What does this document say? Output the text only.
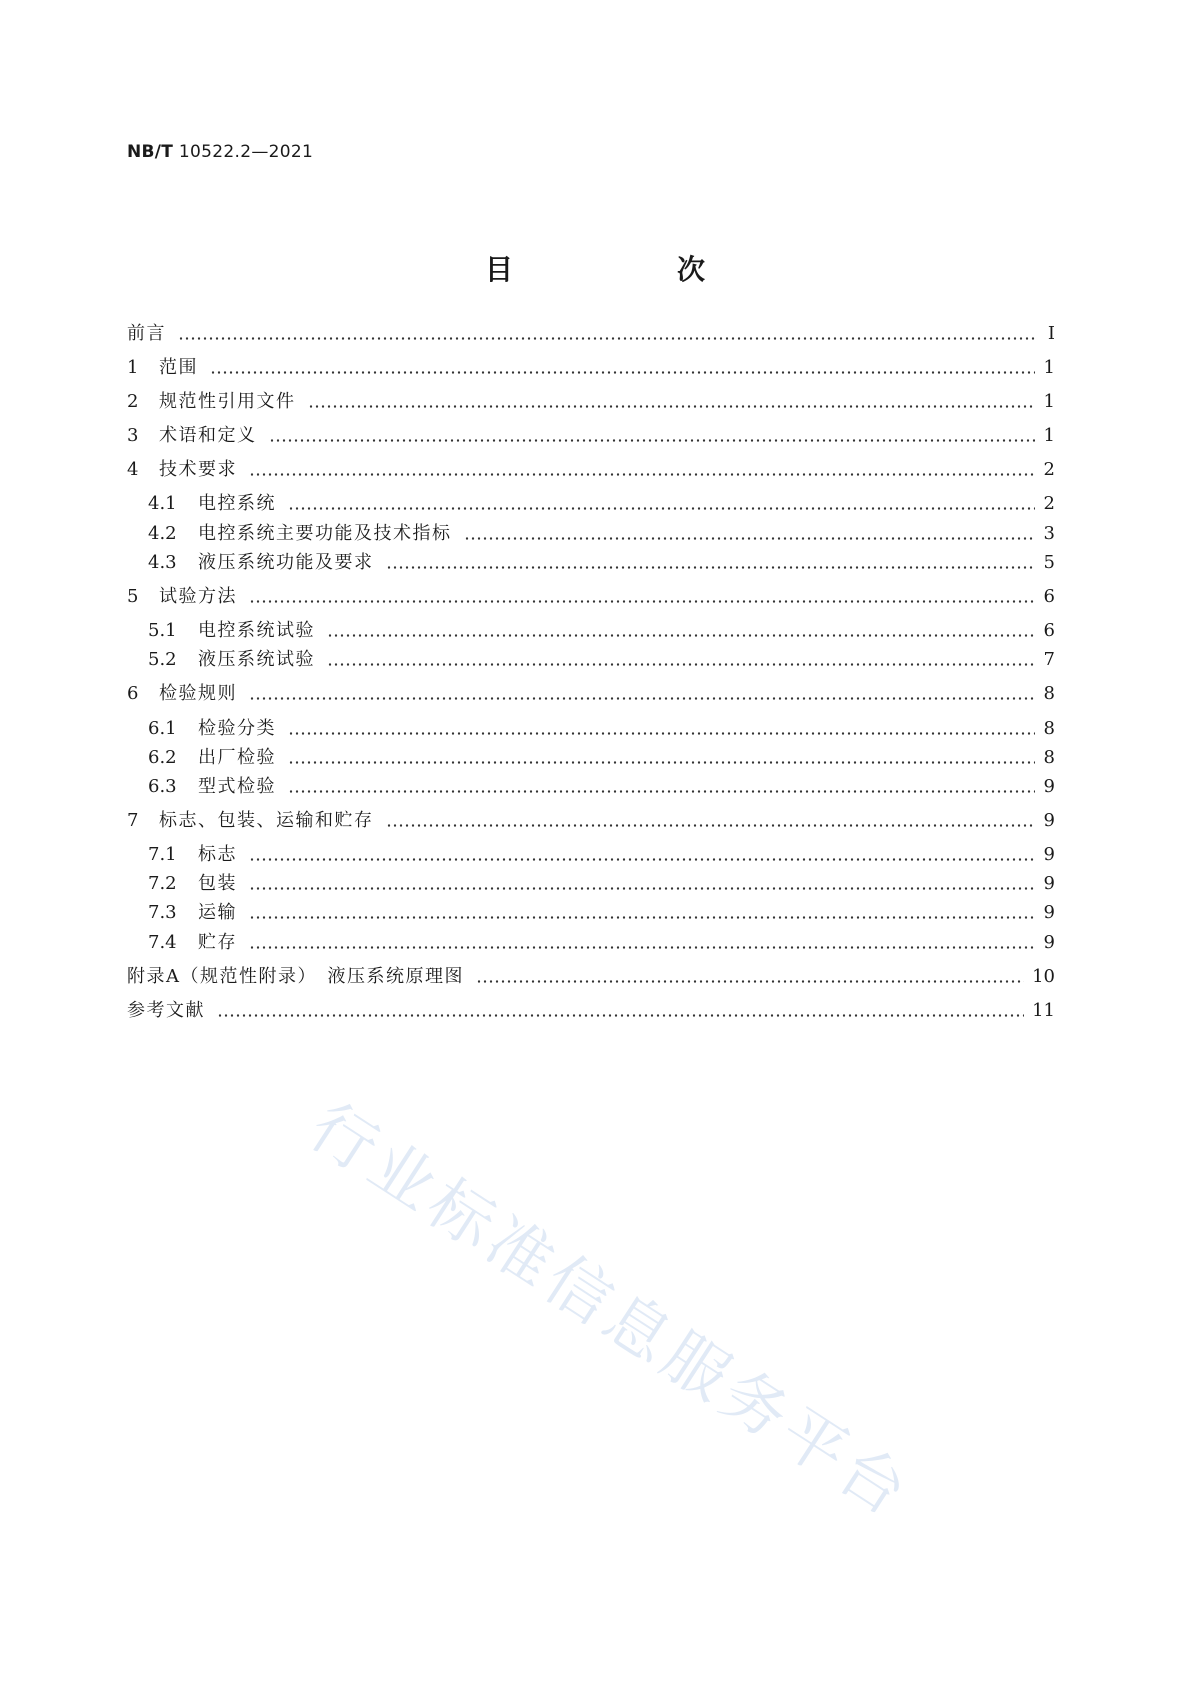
NB/T 10522.2—2021
目　次
前言	Ⅰ
1	范围	1
2	规范性引用文件	1
3	术语和定义	1
4	技术要求	2
4.1	电控系统	2
4.2	电控系统主要功能及技术指标	3
4.3	液压系统功能及要求	5
5	试验方法	6
5.1	电控系统试验	6
5.2	液压系统试验	7
6	检验规则	8
6.1	检验分类	8
6.2	出厂检验	8
6.3	型式检验	9
7	标志、包装、运输和贮存	9
7.1	标志	9
7.2	包装	9
7.3	运输	9
7.4	贮存	9
附录A（规范性附录）　液压系统原理图	10
参考文献	11
行业标准信息服务平台
